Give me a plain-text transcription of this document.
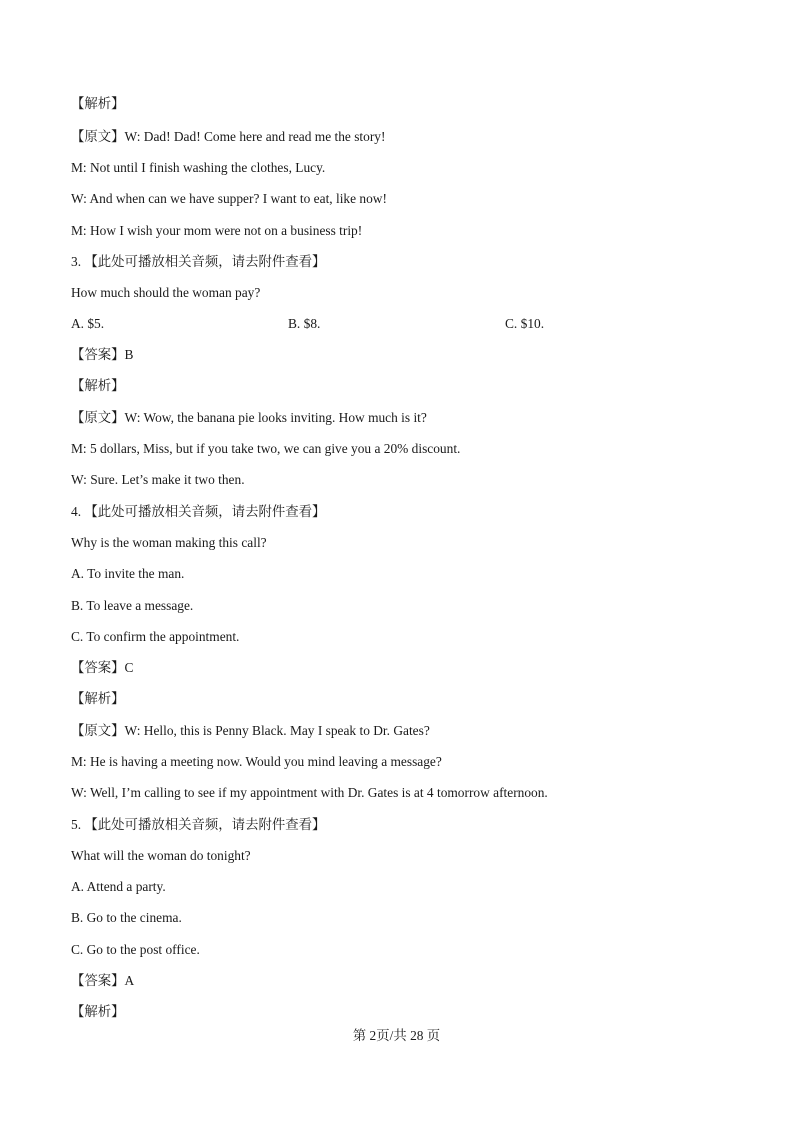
【解析】
【原文】W: Dad! Dad! Come here and read me the story!
M: Not until I finish washing the clothes, Lucy.
W: And when can we have supper? I want to eat, like now!
M: How I wish your mom were not on a business trip!
3. 【此处可播放相关音频，请去附件查看】
How much should the woman pay?
A. $5.	B. $8.	C. $10.
【答案】B
【解析】
【原文】W: Wow, the banana pie looks inviting. How much is it?
M: 5 dollars, Miss, but if you take two, we can give you a 20% discount.
W: Sure. Let’s make it two then.
4. 【此处可播放相关音频，请去附件查看】
Why is the woman making this call?
A. To invite the man.
B. To leave a message.
C. To confirm the appointment.
【答案】C
【解析】
【原文】W: Hello, this is Penny Black. May I speak to Dr. Gates?
M: He is having a meeting now. Would you mind leaving a message?
W: Well, I’m calling to see if my appointment with Dr. Gates is at 4 tomorrow afternoon.
5. 【此处可播放相关音频，请去附件查看】
What will the woman do tonight?
A. Attend a party.
B. Go to the cinema.
C. Go to the post office.
【答案】A
【解析】
第 2页/共 28 页
